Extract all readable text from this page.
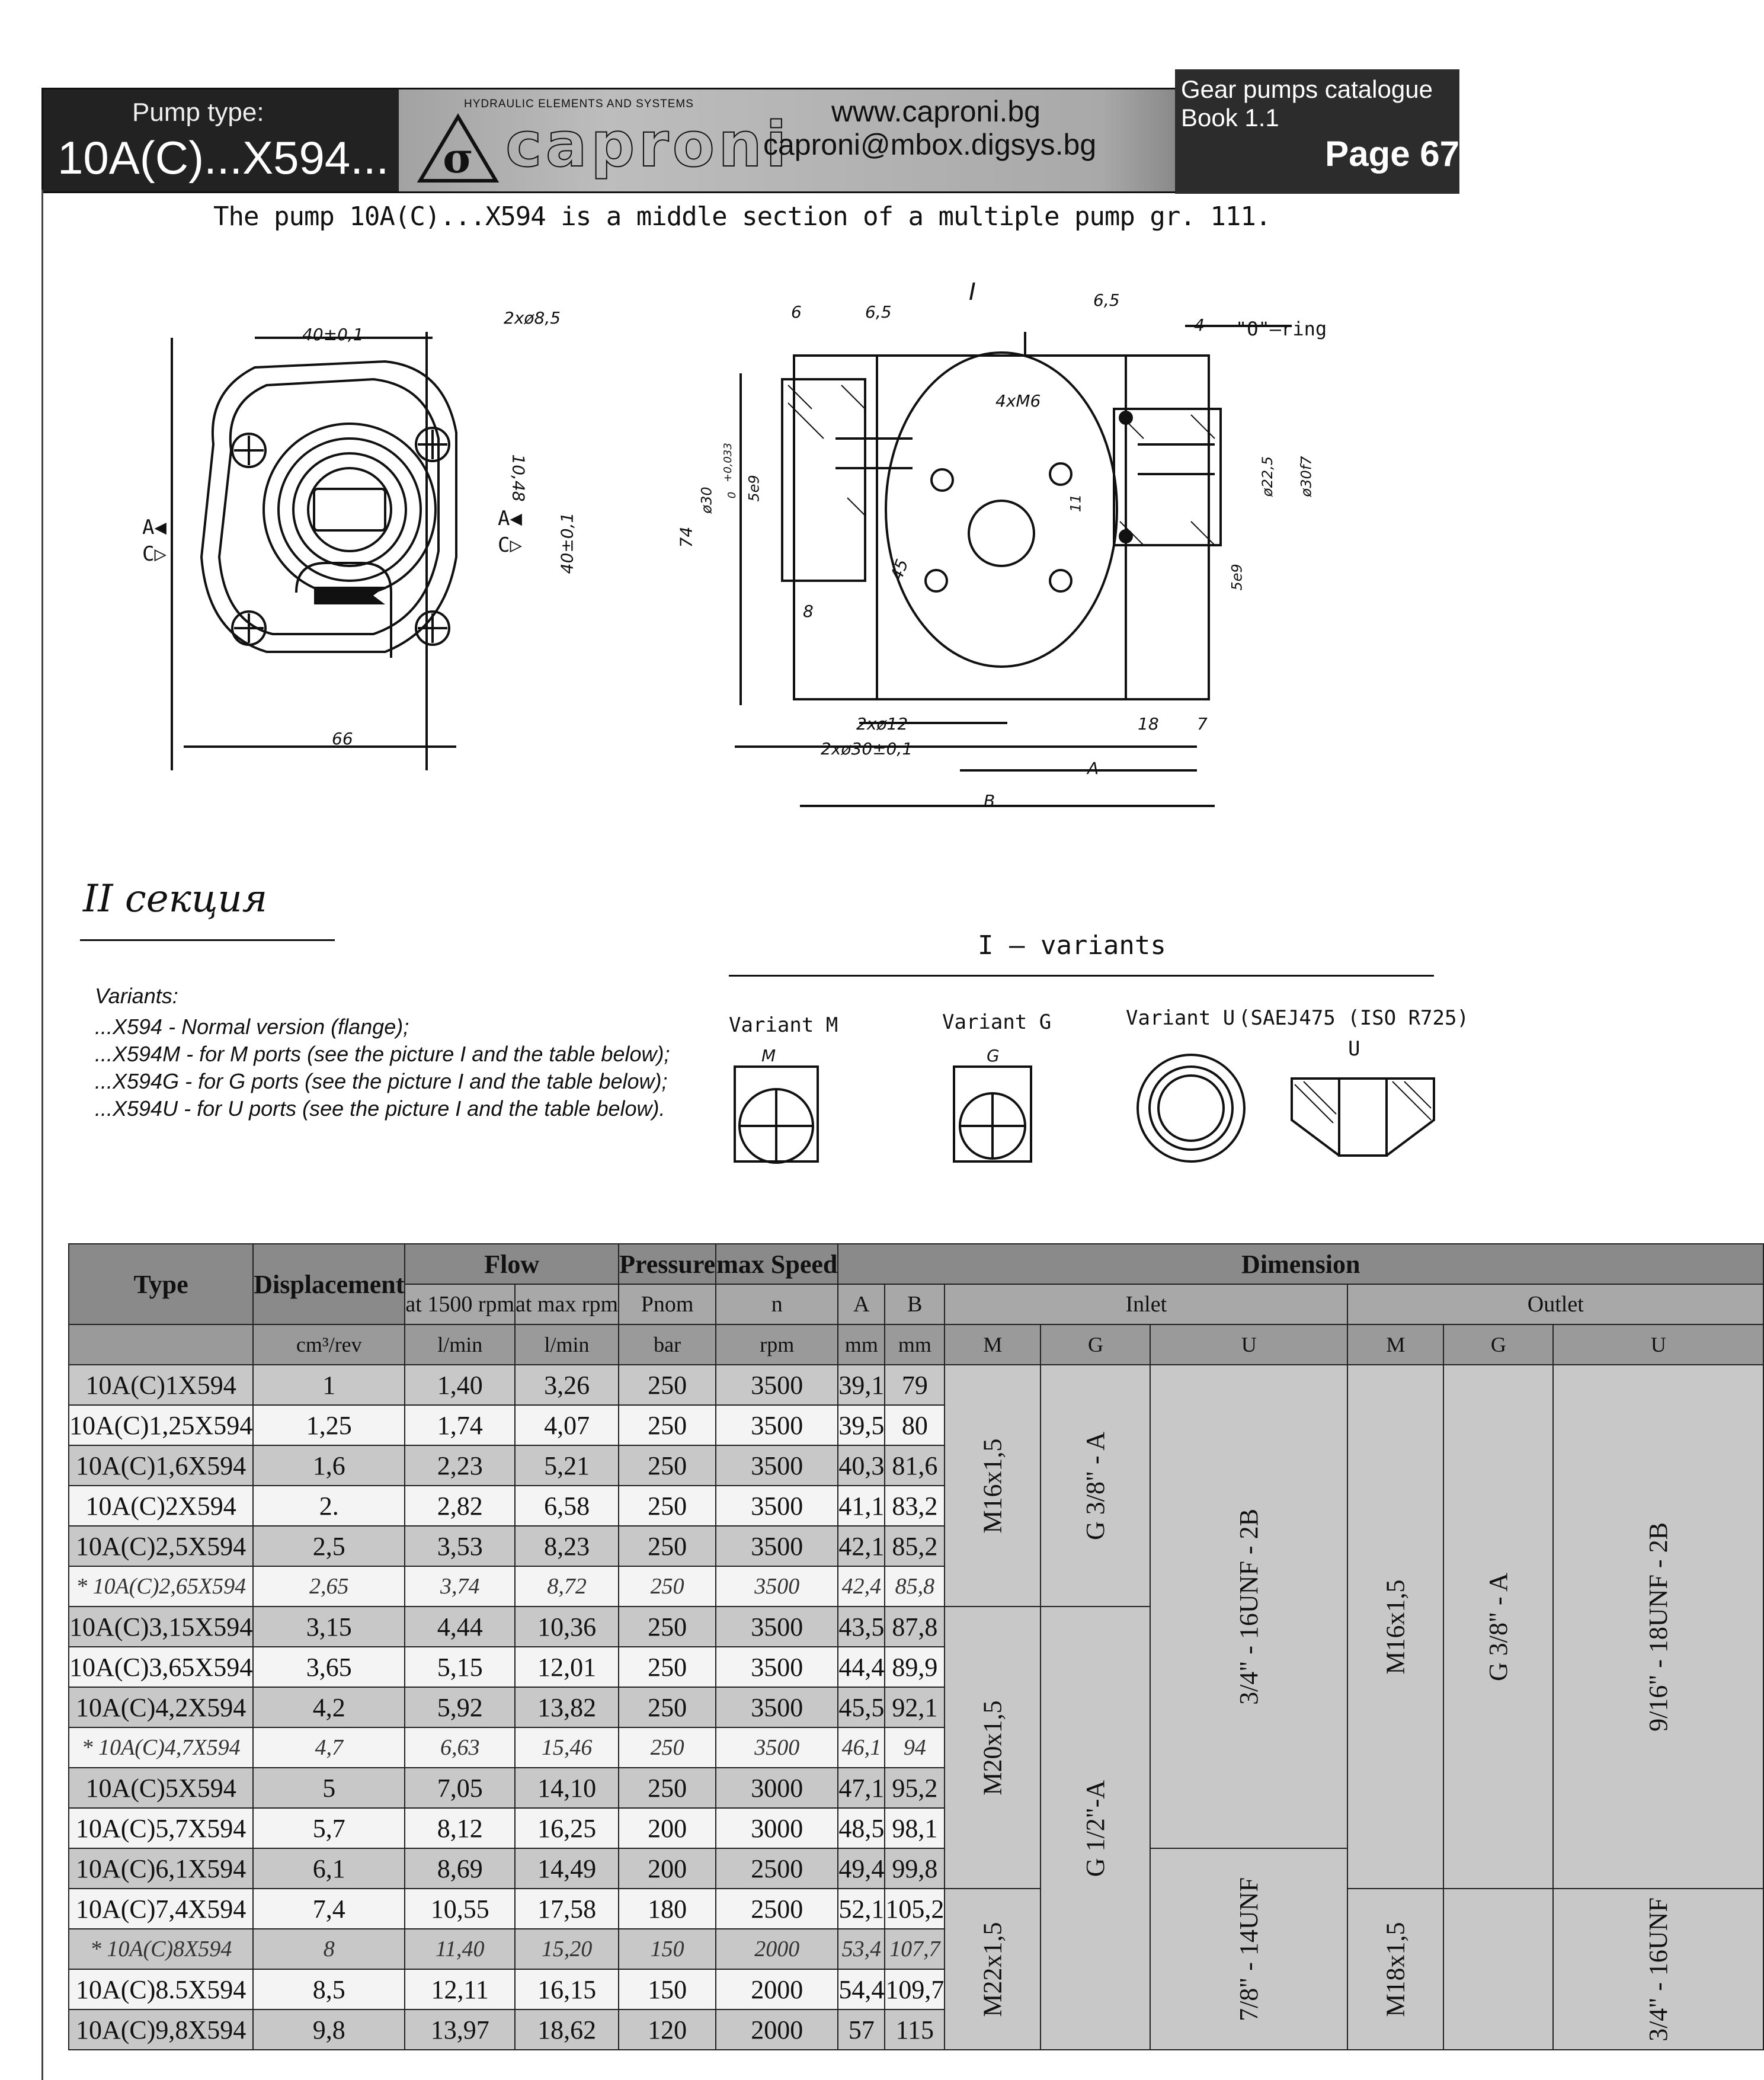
Pump type:
10A(C)...X594... σ
HYDRAULIC ELEMENTS AND SYSTEMS
caproni www.caproni.bg
caproni@mbox.digsys.bg
Gear pumps catalogue
Book 1.1
Page 67
The pump 10A(C)...X594 is a middle section of a multiple pump gr. 111.
40±0,1
2xø8,5
10,48
40±0,1
66
A◀
C▷
A◀
C▷
6	6,5
I	6,5
4 "O"–ring
4xM6
ø30
+0,033
0 5e9
74
11
45
ø22,5 ø30f7
5e9
8
2xø12
2xø30±0,1
18 7
A
B
II секция
Variants:
...X594 - Normal version (flange);
...X594M - for M ports (see the picture I and the table below);
...X594G - for G ports (see the picture I and the table below);
...X594U - for U ports (see the picture I and the table below).
I – variants
Variant M	Variant G	Variant U (SAEJ475 (ISO R725)
M	G	U
Type	Displacement	Flow		Pressure	max Speed	Dimension							
		at 1500 rpm	at max rpm	Pnom	n	A	B	Inlet			Outlet		
	cm³/rev	l/min	l/min	bar	rpm	mm	mm	M	G	U	M	G	U
10A(C)1X594	1	1,40	3,26	250	3500	39,1	79	M16x1,5	G 3/8" - A	3/4" - 16UNF - 2B	M16x1,5	G 3/8" - A	9/16" - 18UNF - 2B
10A(C)1,25X594	1,25	1,74	4,07	250	3500	39,5	80						
10A(C)1,6X594	1,6	2,23	5,21	250	3500	40,3	81,6						
10A(C)2X594	2.	2,82	6,58	250	3500	41,1	83,2						
10A(C)2,5X594	2,5	3,53	8,23	250	3500	42,1	85,2						
* 10A(C)2,65X594	2,65	3,74	8,72	250	3500	42,4	85,8						
10A(C)3,15X594	3,15	4,44	10,36	250	3500	43,5	87,8	M20x1,5	G 1/2"-A				
10A(C)3,65X594	3,65	5,15	12,01	250	3500	44,4	89,9						
10A(C)4,2X594	4,2	5,92	13,82	250	3500	45,5	92,1						
* 10A(C)4,7X594	4,7	6,63	15,46	250	3500	46,1	94						
10A(C)5X594	5	7,05	14,10	250	3000	47,1	95,2						
10A(C)5,7X594	5,7	8,12	16,25	200	3000	48,5	98,1						
10A(C)6,1X594	6,1	8,69	14,49	200	2500	49,4	99,8			7/8" - 14UNF			
10A(C)7,4X594	7,4	10,55	17,58	180	2500	52,1	105,2	M22x1,5			M18x1,5		3/4" - 16UNF
* 10A(C)8X594	8	11,40	15,20	150	2000	53,4	107,7						
10A(C)8.5X594	8,5	12,11	16,15	150	2000	54,4	109,7						
10A(C)9,8X594	9,8	13,97	18,62	120	2000	57	115						
